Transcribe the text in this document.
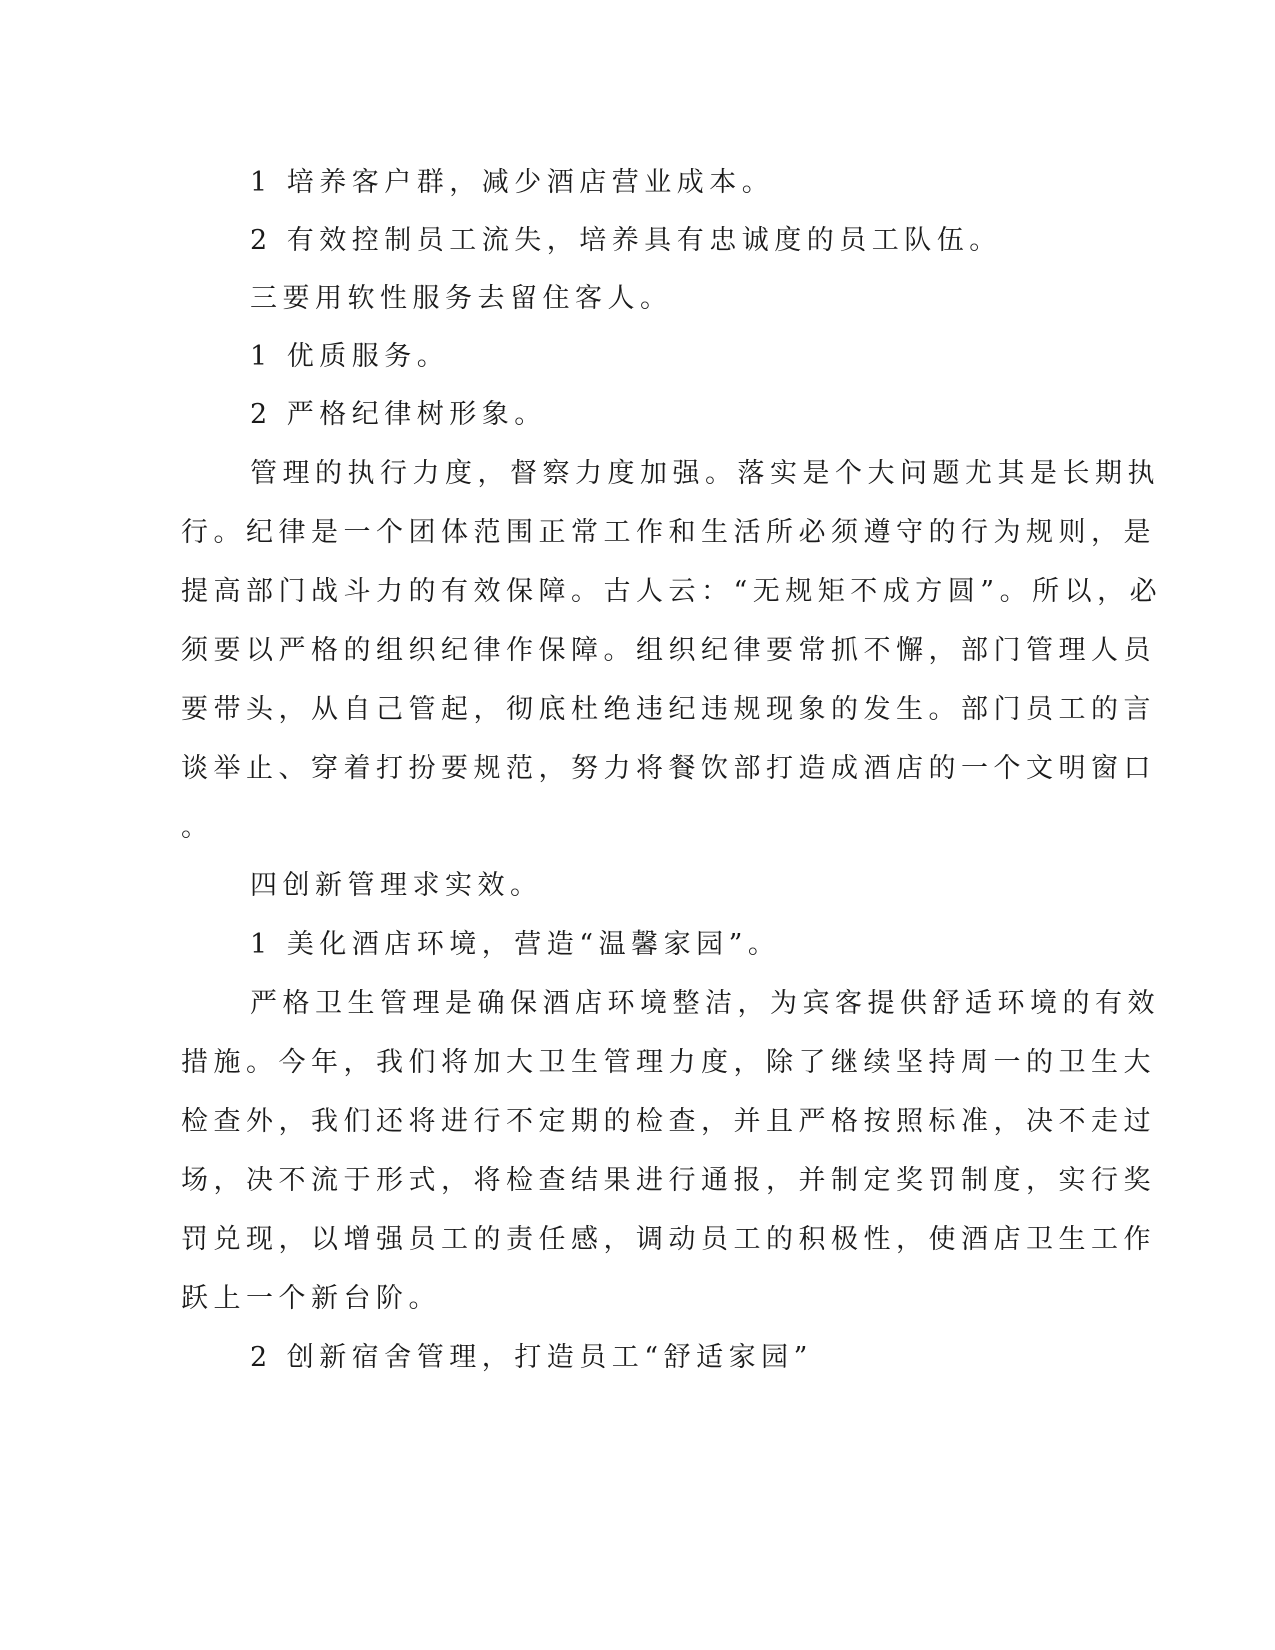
1 培养客户群，减少酒店营业成本。
2 有效控制员工流失，培养具有忠诚度的员工队伍。
三要用软性服务去留住客人。
1 优质服务。
2 严格纪律树形象。
管理的执行力度，督察力度加强。落实是个大问题尤其是长期执
行。纪律是一个团体范围正常工作和生活所必须遵守的行为规则，是
提高部门战斗力的有效保障。古人云：“无规矩不成方圆”。所以，必
须要以严格的组织纪律作保障。组织纪律要常抓不懈，部门管理人员
要带头，从自己管起，彻底杜绝违纪违规现象的发生。部门员工的言
谈举止、穿着打扮要规范，努力将餐饮部打造成酒店的一个文明窗口
。
四创新管理求实效。
1 美化酒店环境，营造“温馨家园”。
严格卫生管理是确保酒店环境整洁，为宾客提供舒适环境的有效
措施。今年，我们将加大卫生管理力度，除了继续坚持周一的卫生大
检查外，我们还将进行不定期的检查，并且严格按照标准，决不走过
场，决不流于形式，将检查结果进行通报，并制定奖罚制度，实行奖
罚兑现，以增强员工的责任感，调动员工的积极性，使酒店卫生工作
跃上一个新台阶。
2 创新宿舍管理，打造员工“舒适家园”
